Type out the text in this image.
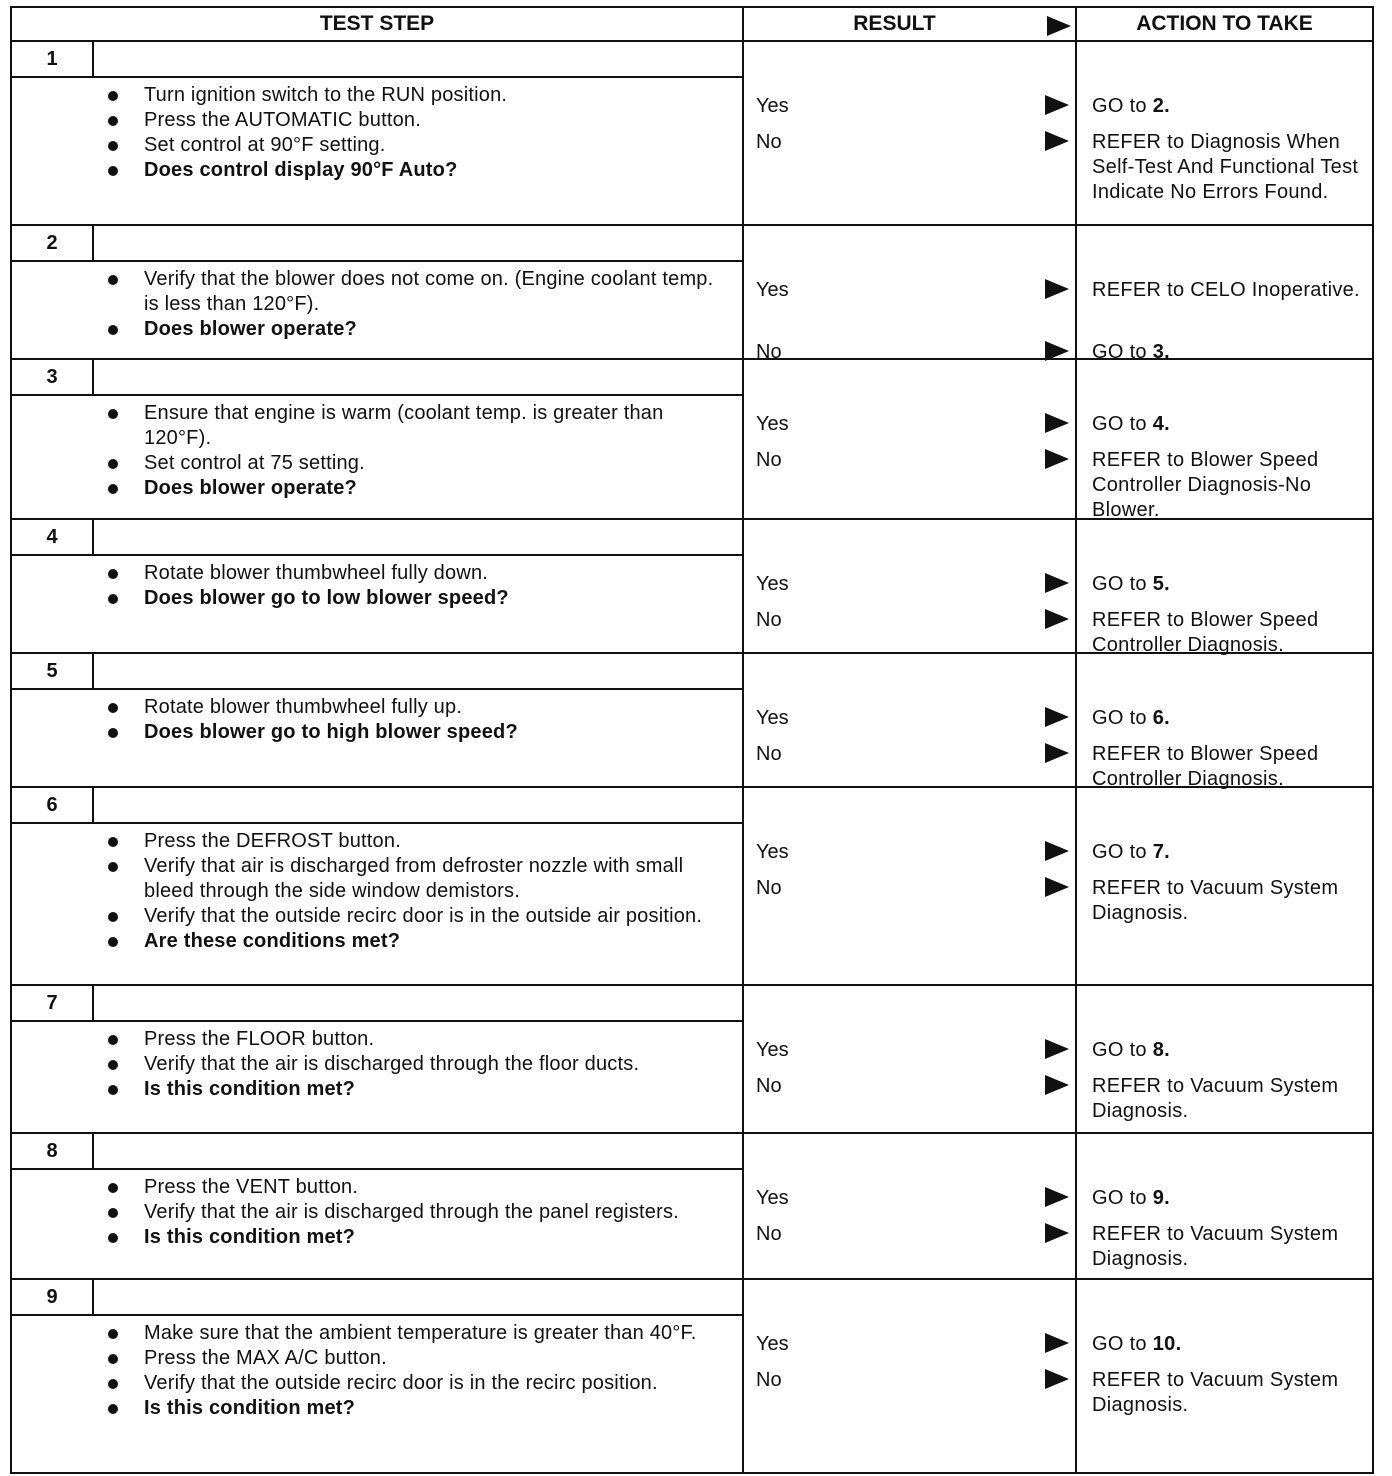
TEST STEP	RESULT	ACTION TO TAKE
1
Turn ignition switch to the RUN position.
Press the AUTOMATIC button.
Set control at 90°F setting.
Does control display 90°F Auto?
Yes
No
GO to 2.
REFER to Diagnosis When Self-Test And Functional Test Indicate No Errors Found.
2
Verify that the blower does not come on. (Engine coolant temp. is less than 120°F).
Does blower operate?
Yes
No
REFER to CELO Inoperative.
GO to 3.
3
Ensure that engine is warm (coolant temp. is greater than 120°F).
Set control at 75 setting.
Does blower operate?
Yes
No
GO to 4.
REFER to Blower Speed Controller Diagnosis-No Blower.
4
Rotate blower thumbwheel fully down.
Does blower go to low blower speed?
Yes
No
GO to 5.
REFER to Blower Speed Controller Diagnosis.
5
Rotate blower thumbwheel fully up.
Does blower go to high blower speed?
Yes
No
GO to 6.
REFER to Blower Speed Controller Diagnosis.
6
Press the DEFROST button.
Verify that air is discharged from defroster nozzle with small bleed through the side window demistors.
Verify that the outside recirc door is in the outside air position.
Are these conditions met?
Yes
No
GO to 7.
REFER to Vacuum System Diagnosis.
7
Press the FLOOR button.
Verify that the air is discharged through the floor ducts.
Is this condition met?
Yes
No
GO to 8.
REFER to Vacuum System Diagnosis.
8
Press the VENT button.
Verify that the air is discharged through the panel registers.
Is this condition met?
Yes
No
GO to 9.
REFER to Vacuum System Diagnosis.
9
Make sure that the ambient temperature is greater than 40°F.
Press the MAX A/C button.
Verify that the outside recirc door is in the recirc position.
Is this condition met?
Yes
No
GO to 10.
REFER to Vacuum System Diagnosis.
